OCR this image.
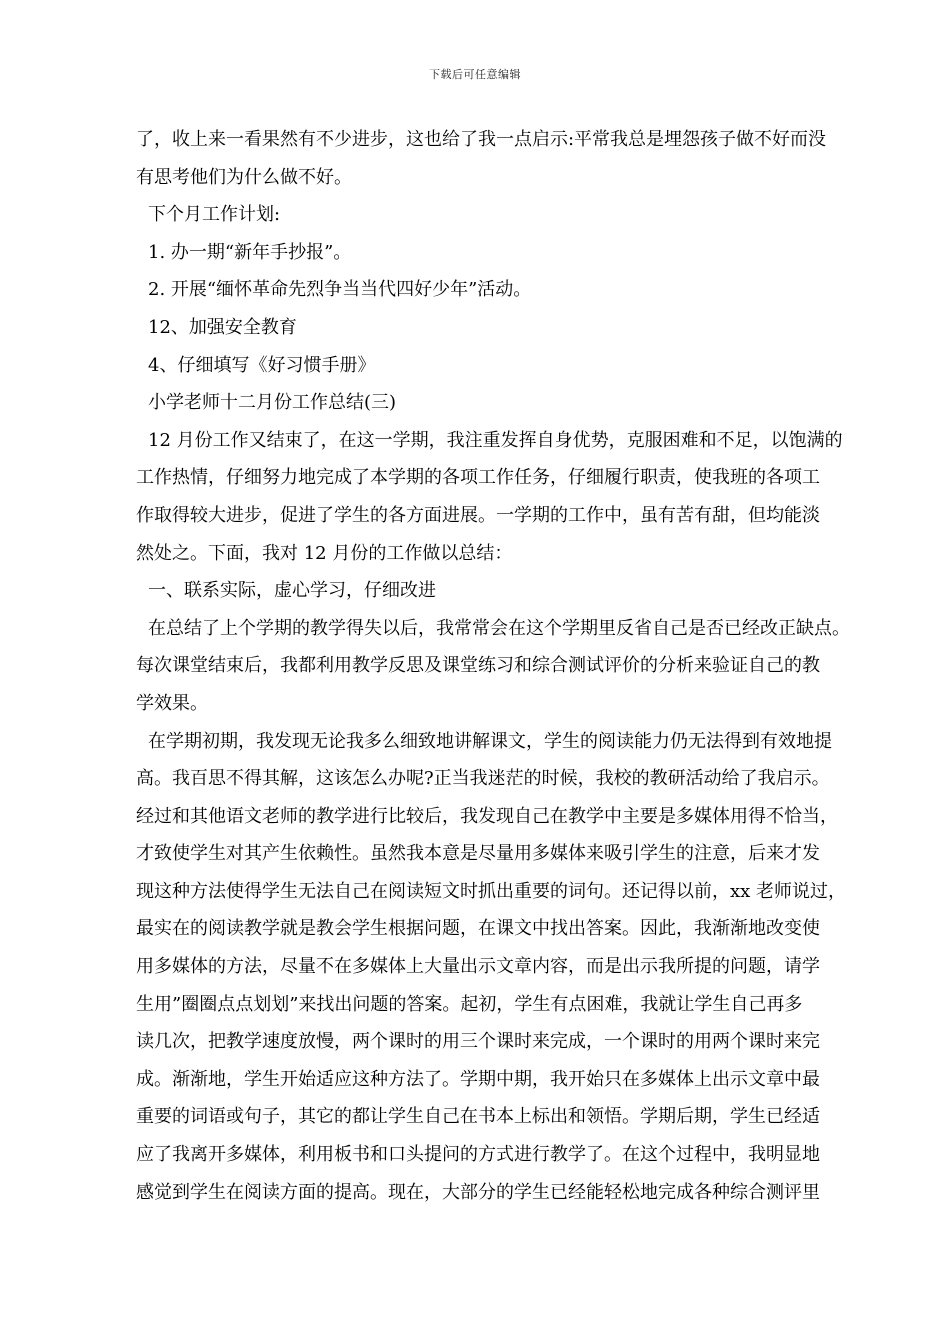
下载后可任意编辑
了，收上来一看果然有不少进步，这也给了我一点启示:平常我总是埋怨孩子做不好而没
有思考他们为什么做不好。
下个月工作计划:
1. 办一期“新年手抄报”。
2. 开展“缅怀革命先烈争当当代四好少年”活动。
12、加强安全教育
4、仔细填写《好习惯手册》
小学老师十二月份工作总结(三)
12 月份工作又结束了，在这一学期，我注重发挥自身优势，克服困难和不足，以饱满的
工作热情，仔细努力地完成了本学期的各项工作任务，仔细履行职责，使我班的各项工
作取得较大进步，促进了学生的各方面进展。一学期的工作中，虽有苦有甜，但均能淡
然处之。下面，我对 12 月份的工作做以总结：
一、联系实际，虚心学习，仔细改进
在总结了上个学期的教学得失以后，我常常会在这个学期里反省自己是否已经改正缺点。
每次课堂结束后，我都利用教学反思及课堂练习和综合测试评价的分析来验证自己的教
学效果。
在学期初期，我发现无论我多么细致地讲解课文，学生的阅读能力仍无法得到有效地提
高。我百思不得其解，这该怎么办呢?正当我迷茫的时候，我校的教研活动给了我启示。
经过和其他语文老师的教学进行比较后，我发现自己在教学中主要是多媒体用得不恰当，
才致使学生对其产生依赖性。虽然我本意是尽量用多媒体来吸引学生的注意，后来才发
现这种方法使得学生无法自己在阅读短文时抓出重要的词句。还记得以前，xx 老师说过，
最实在的阅读教学就是教会学生根据问题，在课文中找出答案。因此，我渐渐地改变使
用多媒体的方法，尽量不在多媒体上大量出示文章内容，而是出示我所提的问题，请学
生用”圈圈点点划划”来找出问题的答案。起初，学生有点困难，我就让学生自己再多
读几次，把教学速度放慢，两个课时的用三个课时来完成，一个课时的用两个课时来完
成。渐渐地，学生开始适应这种方法了。学期中期，我开始只在多媒体上出示文章中最
重要的词语或句子，其它的都让学生自己在书本上标出和领悟。学期后期，学生已经适
应了我离开多媒体，利用板书和口头提问的方式进行教学了。在这个过程中，我明显地
感觉到学生在阅读方面的提高。现在，大部分的学生已经能轻松地完成各种综合测评里
